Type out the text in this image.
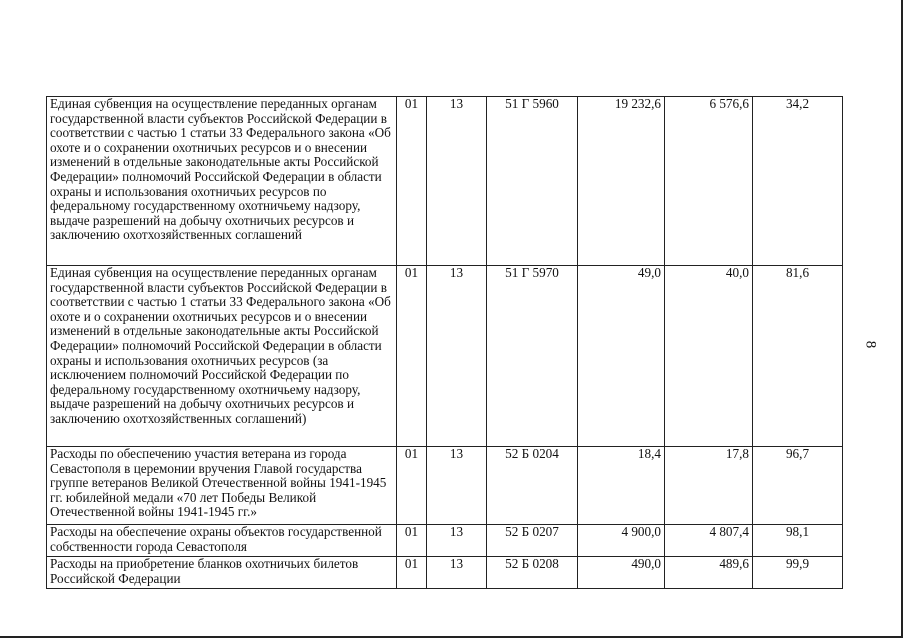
Единая субвенция на осуществление переданных органам государственной власти субъектов Российской Федерации в соответствии с частью 1 статьи 33 Федерального закона «Об охоте и о сохранении охотничьих ресурсов и о внесении изменений в отдельные законодательные акты Российской Федерации» полномочий Российской Федерации в области охраны и использования охотничьих ресурсов по федеральному государственному охотничьему надзору, выдаче разрешений на добычу охотничьих ресурсов и заключению охотхозяйственных соглашений	01	13	51 Г 5960	19 232,6	6 576,6	34,2
Единая субвенция на осуществление переданных органам государственной власти субъектов Российской Федерации в соответствии с частью 1 статьи 33 Федерального закона «Об охоте и о сохранении охотничьих ресурсов и о внесении изменений в отдельные законодательные акты Российской Федерации» полномочий Российской Федерации в области охраны и использования охотничьих ресурсов (за исключением полномочий Российской Федерации по федеральному государственному охотничьему надзору, выдаче разрешений на добычу охотничьих ресурсов и заключению охотхозяйственных соглашений)	01	13	51 Г 5970	49,0	40,0	81,6
Расходы по обеспечению участия ветерана из города Севастополя в церемонии вручения Главой государства группе ветеранов Великой Отечественной войны 1941-1945 гг. юбилейной медали «70 лет Победы Великой Отечественной войны 1941-1945 гг.»	01	13	52 Б 0204	18,4	17,8	96,7
Расходы на обеспечение охраны объектов государственной собственности города Севастополя	01	13	52 Б 0207	4 900,0	4 807,4	98,1
Расходы на приобретение бланков охотничьих билетов Российской Федерации	01	13	52 Б 0208	490,0	489,6	99,9
8
